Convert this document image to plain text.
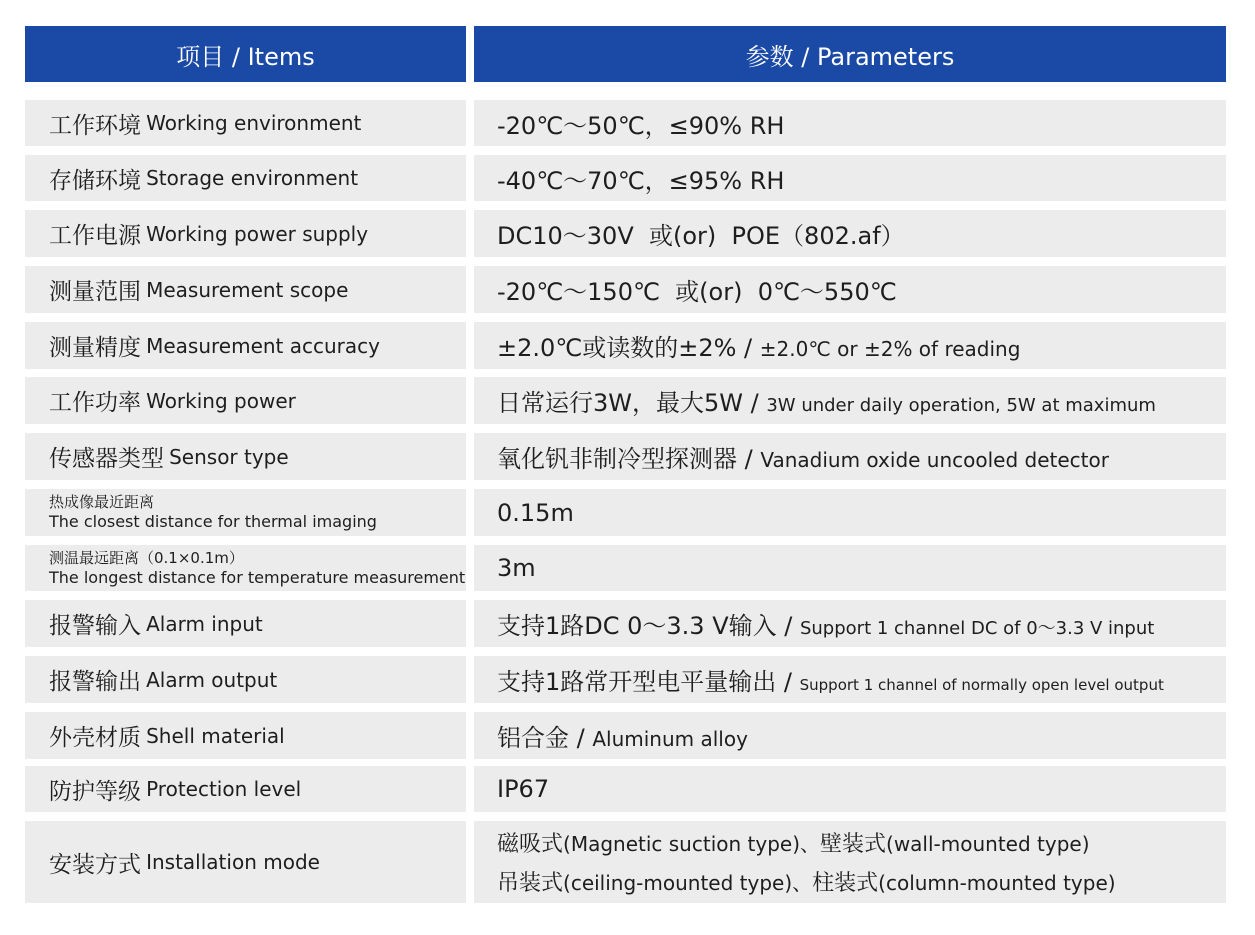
项目 / Items	参数 / Parameters
工作环境
Working environment	-20℃～50℃，≤90% RH
存储环境
Storage environment	-40℃～70℃，≤95% RH
工作电源
Working power supply	DC10～30V  或(or)  POE（802.af）
测量范围
Measurement scope	-20℃～150℃  或(or)  0℃～550℃
测量精度
Measurement accuracy	±2.0℃或读数的±2% / ±2.0℃ or ±2% of reading
工作功率
Working power	日常运行3W，最大5W / 3W under daily operation, 5W at maximum
传感器类型
Sensor type	氧化钒非制冷型探测器 / Vanadium oxide uncooled detector
热成像最近距离
The closest distance for thermal imaging	0.15m
测温最远距离（0.1×0.1m）
The longest distance for temperature measurement 3m
报警输入
Alarm input	支持1路DC 0～3.3 V输入 / Support 1 channel DC of 0～3.3 V input
报警输出
Alarm output	支持1路常开型电平量输出 / Support 1 channel of normally open level output
外壳材质
Shell material	铝合金 / Aluminum alloy
防护等级
Protection level	IP67
安装方式
Installation mode
磁吸式(Magnetic suction type)、壁装式(wall-mounted type)
吊装式(ceiling-mounted type)、柱装式(column-mounted type)
